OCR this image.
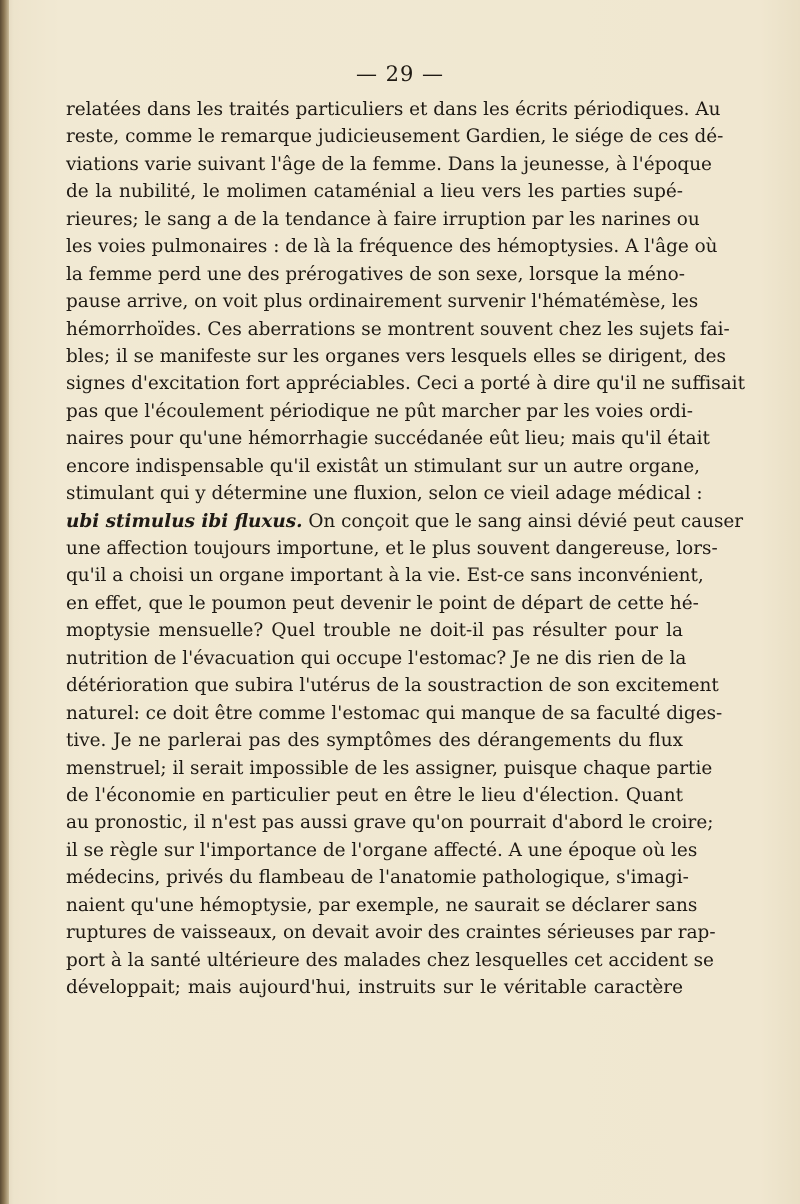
— 29 —
relatées dans les traités particuliers et dans les écrits périodiques. Au
reste, comme le remarque judicieusement Gardien, le siége de ces dé-
viations varie suivant l'âge de la femme. Dans la jeunesse, à l'époque
de la nubilité, le molimen cataménial a lieu vers les parties supé-
rieures; le sang a de la tendance à faire irruption par les narines ou
les voies pulmonaires : de là la fréquence des hémoptysies. A l'âge où
la femme perd une des prérogatives de son sexe, lorsque la méno-
pause arrive, on voit plus ordinairement survenir l'hématémèse, les
hémorrhoïdes. Ces aberrations se montrent souvent chez les sujets fai-
bles; il se manifeste sur les organes vers lesquels elles se dirigent, des
signes d'excitation fort appréciables. Ceci a porté à dire qu'il ne suffisait
pas que l'écoulement périodique ne pût marcher par les voies ordi-
naires pour qu'une hémorrhagie succédanée eût lieu; mais qu'il était
encore indispensable qu'il existât un stimulant sur un autre organe,
stimulant qui y détermine une fluxion, selon ce vieil adage médical :
ubi stimulus ibi fluxus. On conçoit que le sang ainsi dévié peut causer
une affection toujours importune, et le plus souvent dangereuse, lors-
qu'il a choisi un organe important à la vie. Est-ce sans inconvénient,
en effet, que le poumon peut devenir le point de départ de cette hé-
moptysie mensuelle? Quel trouble ne doit-il pas résulter pour la
nutrition de l'évacuation qui occupe l'estomac? Je ne dis rien de la
détérioration que subira l'utérus de la soustraction de son excitement
naturel: ce doit être comme l'estomac qui manque de sa faculté diges-
tive. Je ne parlerai pas des symptômes des dérangements du flux
menstruel; il serait impossible de les assigner, puisque chaque partie
de l'économie en particulier peut en être le lieu d'élection. Quant
au pronostic, il n'est pas aussi grave qu'on pourrait d'abord le croire;
il se règle sur l'importance de l'organe affecté. A une époque où les
médecins, privés du flambeau de l'anatomie pathologique, s'imagi-
naient qu'une hémoptysie, par exemple, ne saurait se déclarer sans
ruptures de vaisseaux, on devait avoir des craintes sérieuses par rap-
port à la santé ultérieure des malades chez lesquelles cet accident se
développait; mais aujourd'hui, instruits sur le véritable caractère
